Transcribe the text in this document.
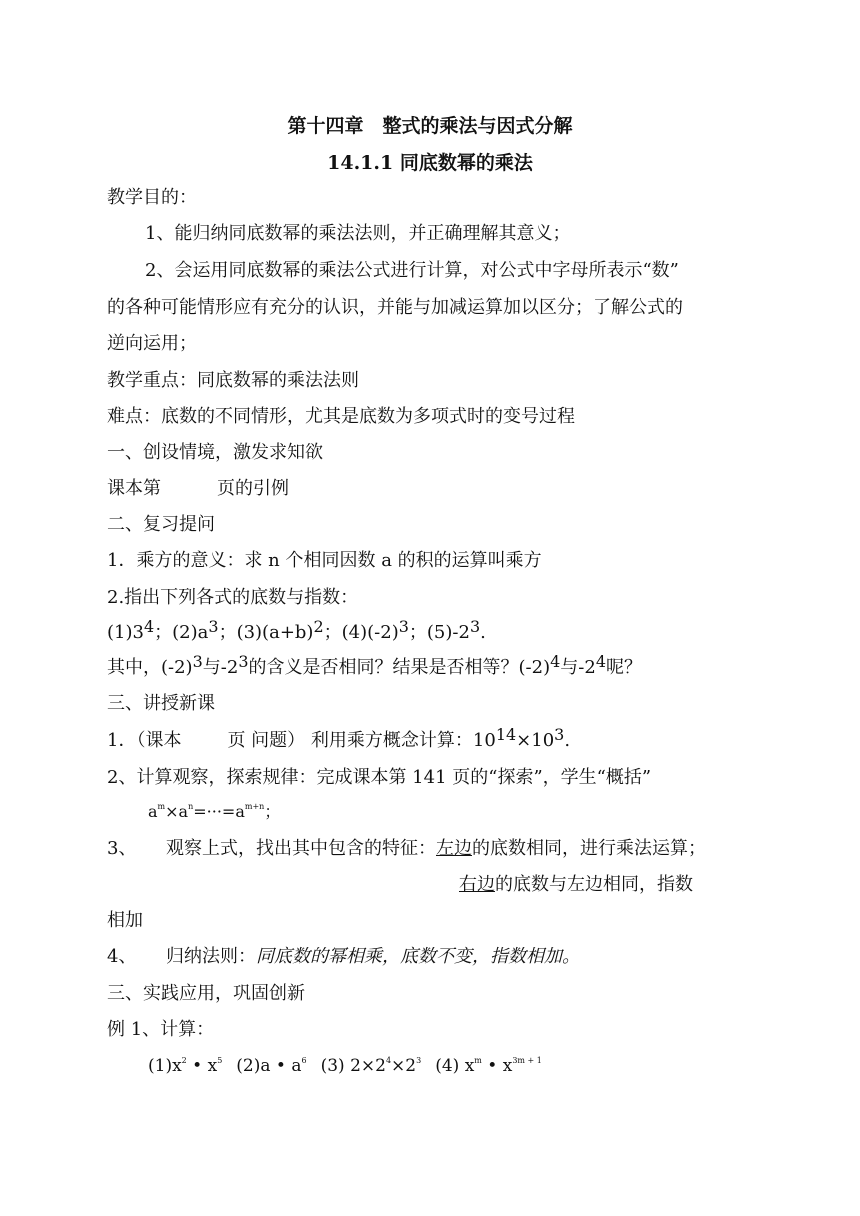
第十四章　整式的乘法与因式分解
14.1.1 同底数幂的乘法
教学目的：
1、能归纳同底数幂的乘法法则，并正确理解其意义；
2、会运用同底数幂的乘法公式进行计算，对公式中字母所表示“数”
的各种可能情形应有充分的认识，并能与加减运算加以区分；了解公式的
逆向运用；
教学重点：同底数幂的乘法法则
难点：底数的不同情形，尤其是底数为多项式时的变号过程
一、创设情境，激发求知欲
课本第	页的引例
二、复习提问
1．乘方的意义：求 n 个相同因数 a 的积的运算叫乘方
2.指出下列各式的底数与指数：
$(1)3^4$；$(2)a^3$；$(3)(a+b)^2$；$(4)(-2)^3$；$(5)-2^3$.
其中，$(-2)^3$与$-2^3$的含义是否相同？结果是否相等？$(-2)^4$与$-2^4$呢？
三、讲授新课
1．（课本	页 问题） 利用乘方概念计算：$10^{14}\times 10^3$.
2、计算观察，探索规律：完成课本第 141 页的“探索”，学生“概括”
$a^m\times a^n=\cdot\cdot\cdot=a^{m+n}$；
3、 观察上式，找出其中包含的特征：左边的底数相同，进行乘法运算；
右边的底数与左边相同，指数
相加
4、 归纳法则：同底数的幂相乘，底数不变，指数相加。
三、实践应用，巩固创新
例 1、计算：
$(1)x^2$ • $x^5$ (2)a • $a^6$ (3) $2\times 2^4\times 2^3$ (4) $x^m$ • $x^{3m + 1}$
